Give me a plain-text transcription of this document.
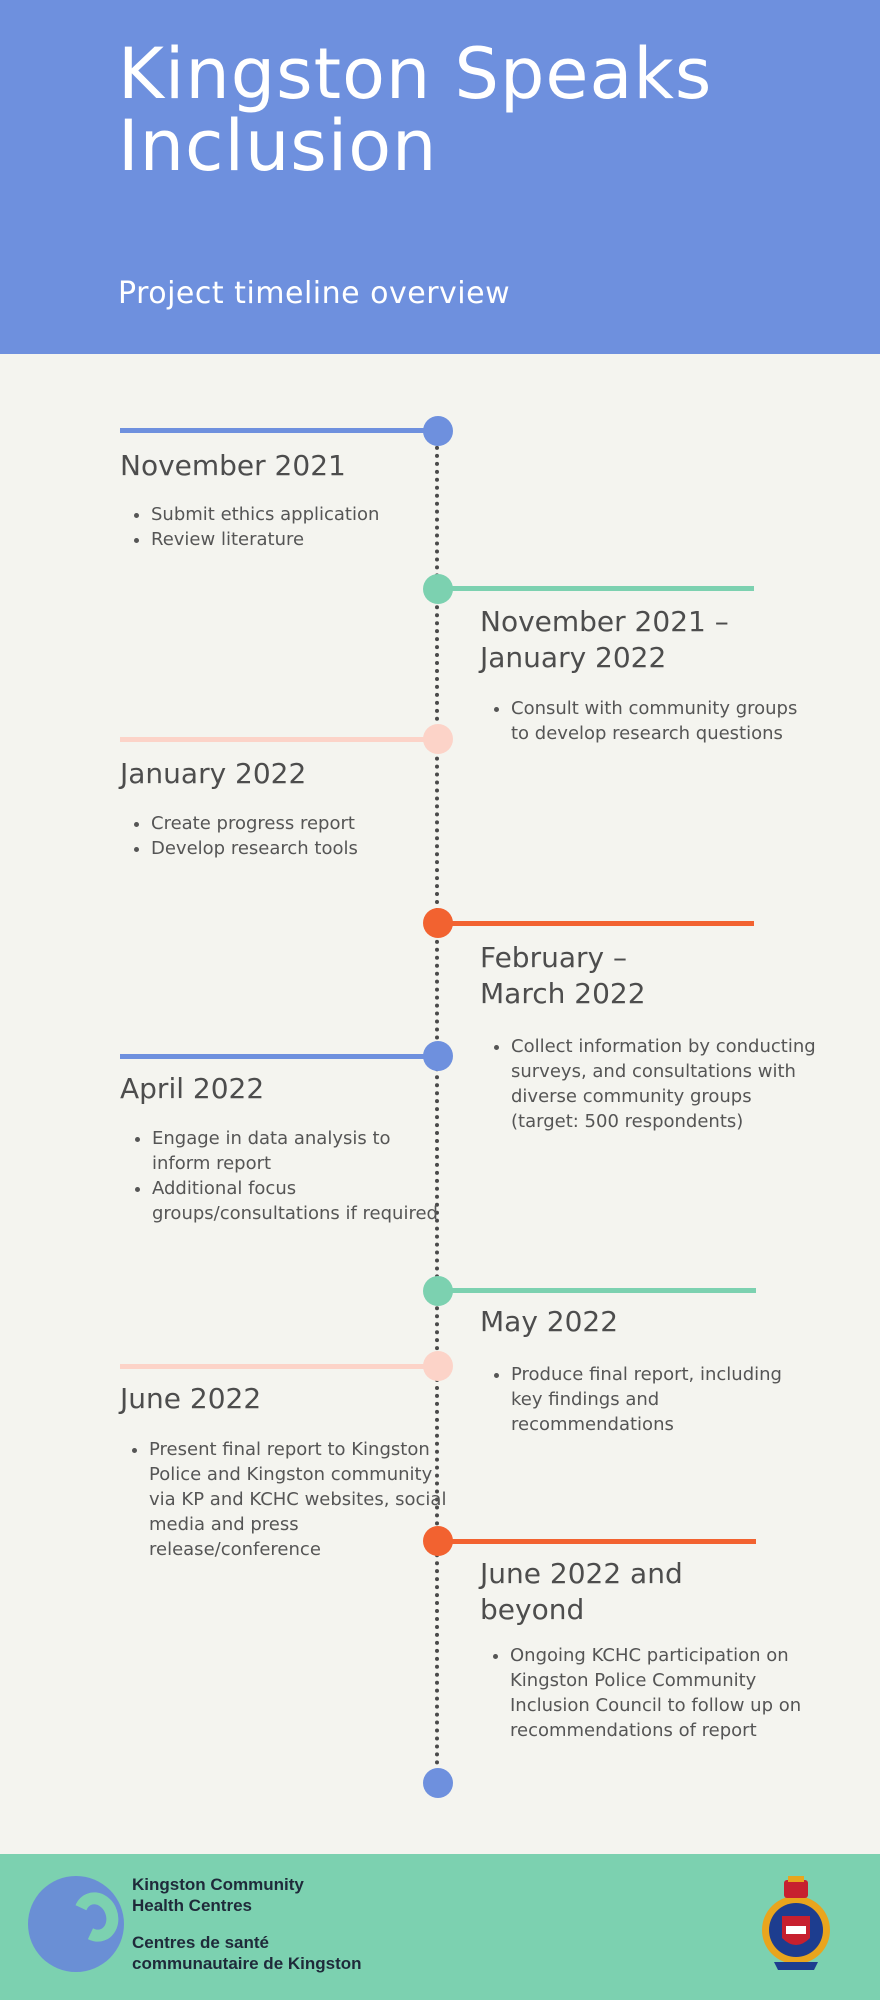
Kingston Speaks Inclusion
Project timeline overview
November 2021
• Submit ethics application
• Review literature
November 2021 – January 2022
• Consult with community groups to develop research questions
January 2022
• Create progress report
• Develop research tools
February – March 2022
• Collect information by conducting surveys, and consultations with diverse community groups (target: 500 respondents)
April 2022
• Engage in data analysis to inform report
• Additional focus groups/consultations if required
May 2022
• Produce final report, including key findings and recommendations
June 2022
• Present final report to Kingston Police and Kingston community via KP and KCHC websites, social media and press release/conference
June 2022 and beyond
• Ongoing KCHC participation on Kingston Police Community Inclusion Council to follow up on recommendations of report

Kingston Community Health Centres

Centres de santé communautaire de Kingston
